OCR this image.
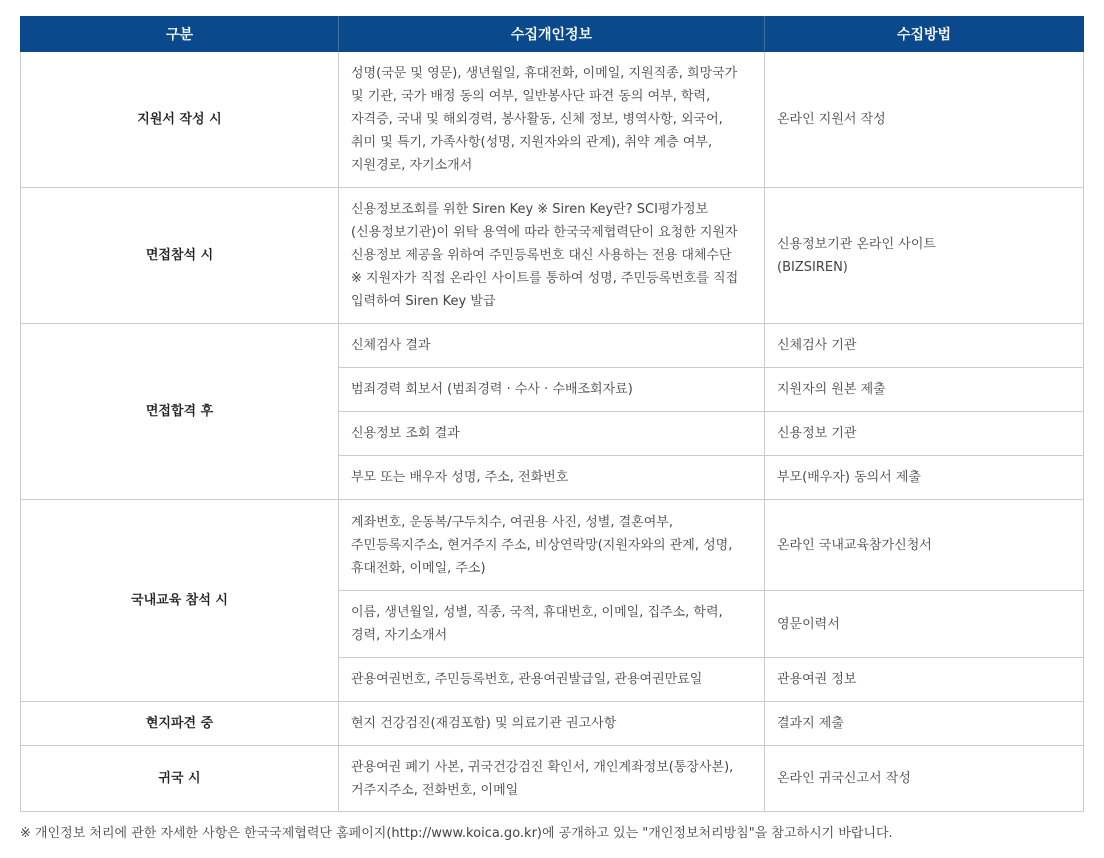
구분	수집개인정보	수집방법
지원서 작성 시	성명(국문 및 영문), 생년월일, 휴대전화, 이메일, 지원직종, 희망국가
및 기관, 국가 배정 동의 여부, 일반봉사단 파견 동의 여부, 학력,
자격증, 국내 및 해외경력, 봉사활동, 신체 정보, 병역사항, 외국어,
취미 및 특기, 가족사항(성명, 지원자와의 관계), 취약 계층 여부,
지원경로, 자기소개서	온라인 지원서 작성
면접참석 시	신용정보조회를 위한 Siren Key ※ Siren Key란? SCI평가정보
(신용정보기관)이 위탁 용역에 따라 한국국제협력단이 요청한 지원자
신용정보 제공을 위하여 주민등록번호 대신 사용하는 전용 대체수단
※ 지원자가 직접 온라인 사이트를 통하여 성명, 주민등록번호를 직접
입력하여 Siren Key 발급	신용정보기관 온라인 사이트
(BIZSIREN)
면접합격 후	신체검사 결과	신체검사 기관
	범죄경력 회보서 (범죄경력 · 수사 · 수배조회자료)	지원자의 원본 제출
	신용정보 조회 결과	신용정보 기관
	부모 또는 배우자 성명, 주소, 전화번호	부모(배우자) 동의서 제출
국내교육 참석 시	계좌번호, 운동복/구두치수, 여권용 사진, 성별, 결혼여부,
주민등록지주소, 현거주지 주소, 비상연락망(지원자와의 관계, 성명,
휴대전화, 이메일, 주소)	온라인 국내교육참가신청서
	이름, 생년월일, 성별, 직종, 국적, 휴대번호, 이메일, 집주소, 학력,
경력, 자기소개서	영문이력서
	관용여권번호, 주민등록번호, 관용여권발급일, 관용여권만료일	관용여권 정보
현지파견 중	현지 건강검진(재검포함) 및 의료기관 권고사항	결과지 제출
귀국 시	관용여권 폐기 사본, 귀국건강검진 확인서, 개인계좌정보(통장사본),
거주지주소, 전화번호, 이메일	온라인 귀국신고서 작성
※ 개인정보 처리에 관한 자세한 사항은 한국국제협력단 홈페이지(http://www.koica.go.kr)에 공개하고 있는 "개인정보처리방침"을 참고하시기 바랍니다.
